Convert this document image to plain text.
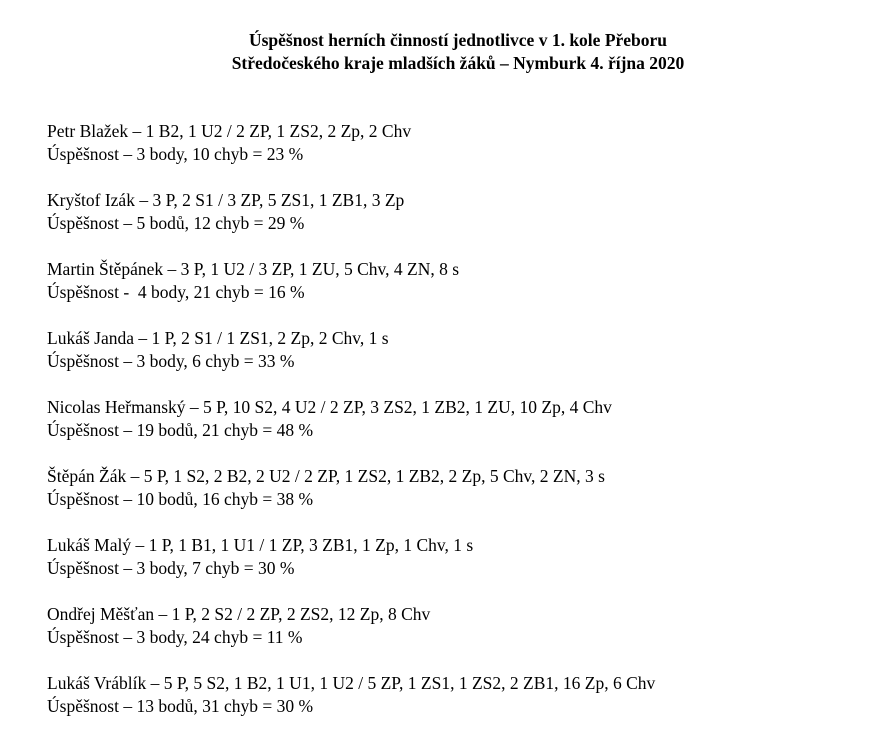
Úspěšnost herních činností jednotlivce v 1. kole Přeboru
Středočeského kraje mladších žáků – Nymburk 4. října 2020
Petr Blažek – 1 B2, 1 U2 / 2 ZP, 1 ZS2, 2 Zp, 2 Chv
Úspěšnost – 3 body, 10 chyb = 23 %
Kryštof Izák – 3 P, 2 S1 / 3 ZP, 5 ZS1, 1 ZB1, 3 Zp
Úspěšnost – 5 bodů, 12 chyb = 29 %
Martin Štěpánek – 3 P, 1 U2 / 3 ZP, 1 ZU, 5 Chv, 4 ZN, 8 s
Úspěšnost -  4 body, 21 chyb = 16 %
Lukáš Janda – 1 P, 2 S1 / 1 ZS1, 2 Zp, 2 Chv, 1 s
Úspěšnost – 3 body, 6 chyb = 33 %
Nicolas Heřmanský – 5 P, 10 S2, 4 U2 / 2 ZP, 3 ZS2, 1 ZB2, 1 ZU, 10 Zp, 4 Chv
Úspěšnost – 19 bodů, 21 chyb = 48 %
Štěpán Žák – 5 P, 1 S2, 2 B2, 2 U2 / 2 ZP, 1 ZS2, 1 ZB2, 2 Zp, 5 Chv, 2 ZN, 3 s
Úspěšnost – 10 bodů, 16 chyb = 38 %
Lukáš Malý – 1 P, 1 B1, 1 U1 / 1 ZP, 3 ZB1, 1 Zp, 1 Chv, 1 s
Úspěšnost – 3 body, 7 chyb = 30 %
Ondřej Měšťan – 1 P, 2 S2 / 2 ZP, 2 ZS2, 12 Zp, 8 Chv
Úspěšnost – 3 body, 24 chyb = 11 %
Lukáš Vráblík – 5 P, 5 S2, 1 B2, 1 U1, 1 U2 / 5 ZP, 1 ZS1, 1 ZS2, 2 ZB1, 16 Zp, 6 Chv
Úspěšnost – 13 bodů, 31 chyb = 30 %
